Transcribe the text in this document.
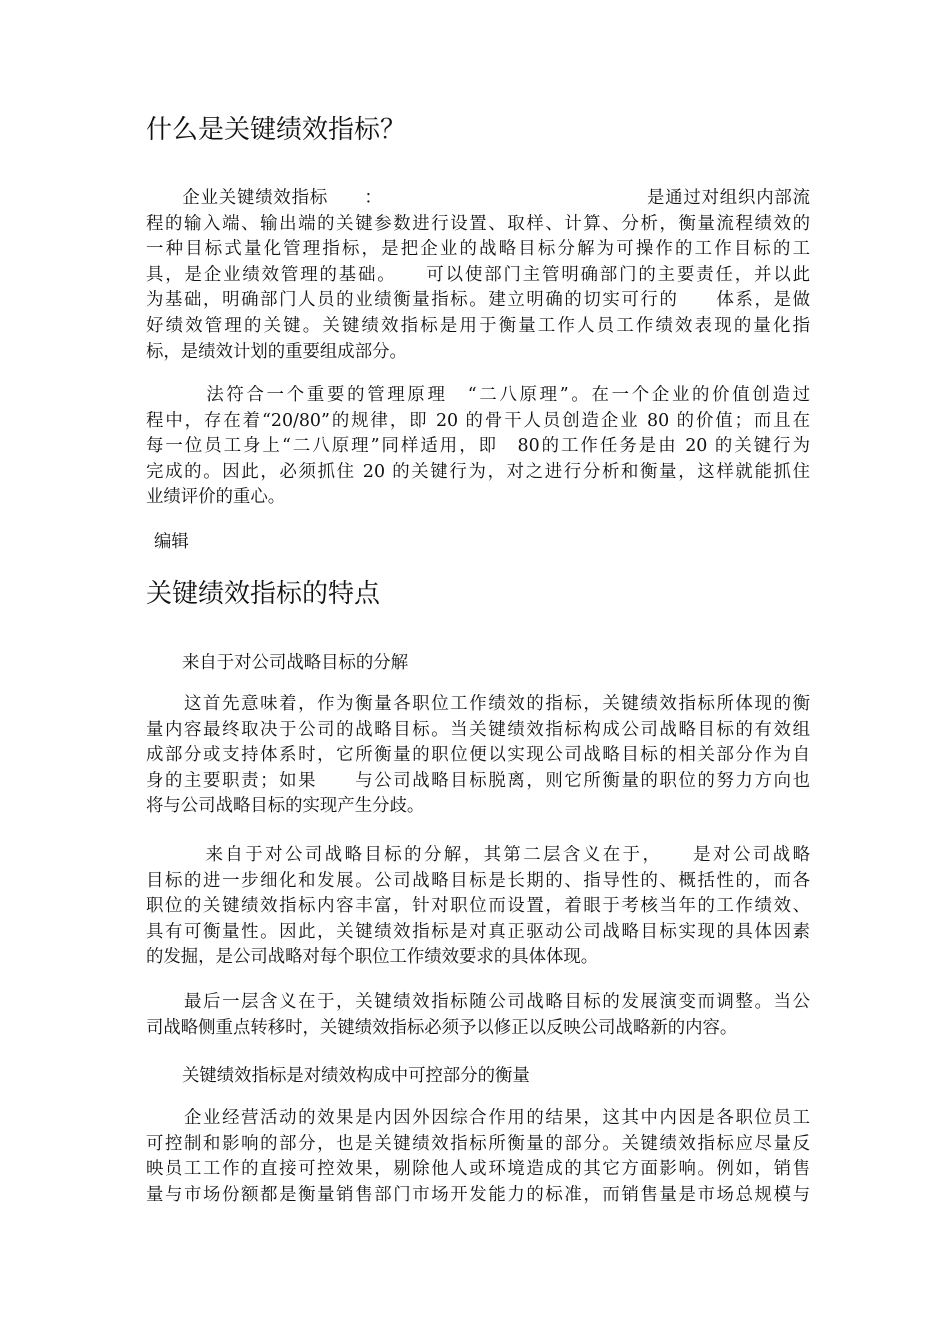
什么是关键绩效指标？
　　企业关键绩效指标　　：　　　　　　　　　　　　　　　是通过对组织内部流
程的输入端、输出端的关键参数进行设置、取样、计算、分析，衡量流程绩效的
一种目标式量化管理指标，是把企业的战略目标分解为可操作的工作目标的工
具，是企业绩效管理的基础。　　可以使部门主管明确部门的主要责任，并以此
为基础，明确部门人员的业绩衡量指标。建立明确的切实可行的　　体系，是做
好绩效管理的关键。关键绩效指标是用于衡量工作人员工作绩效表现的量化指
标，是绩效计划的重要组成部分。
　　　法符合一个重要的管理原理　“二八原理”。在一个企业的价值创造过
程中，存在着“20/80”的规律，即 20 的骨干人员创造企业 80 的价值；而且在
每一位员工身上“二八原理”同样适用，即　80的工作任务是由 20 的关键行为
完成的。因此，必须抓住 20 的关键行为，对之进行分析和衡量，这样就能抓住
业绩评价的重心。
编辑
关键绩效指标的特点

来自于对公司战略目标的分解

　　这首先意味着，作为衡量各职位工作绩效的指标，关键绩效指标所体现的衡
量内容最终取决于公司的战略目标。当关键绩效指标构成公司战略目标的有效组
成部分或支持体系时，它所衡量的职位便以实现公司战略目标的相关部分作为自
身的主要职责；如果　　与公司战略目标脱离，则它所衡量的职位的努力方向也
将与公司战略目标的实现产生分歧。
　　　来自于对公司战略目标的分解，其第二层含义在于，　　是对公司战略
目标的进一步细化和发展。公司战略目标是长期的、指导性的、概括性的，而各
职位的关键绩效指标内容丰富，针对职位而设置，着眼于考核当年的工作绩效、
具有可衡量性。因此，关键绩效指标是对真正驱动公司战略目标实现的具体因素
的发掘，是公司战略对每个职位工作绩效要求的具体体现。
　　最后一层含义在于，关键绩效指标随公司战略目标的发展演变而调整。当公
司战略侧重点转移时，关键绩效指标必须予以修正以反映公司战略新的内容。

关键绩效指标是对绩效构成中可控部分的衡量

　　企业经营活动的效果是内因外因综合作用的结果，这其中内因是各职位员工
可控制和影响的部分，也是关键绩效指标所衡量的部分。关键绩效指标应尽量反
映员工工作的直接可控效果，剔除他人或环境造成的其它方面影响。例如，销售
量与市场份额都是衡量销售部门市场开发能力的标准，而销售量是市场总规模与
